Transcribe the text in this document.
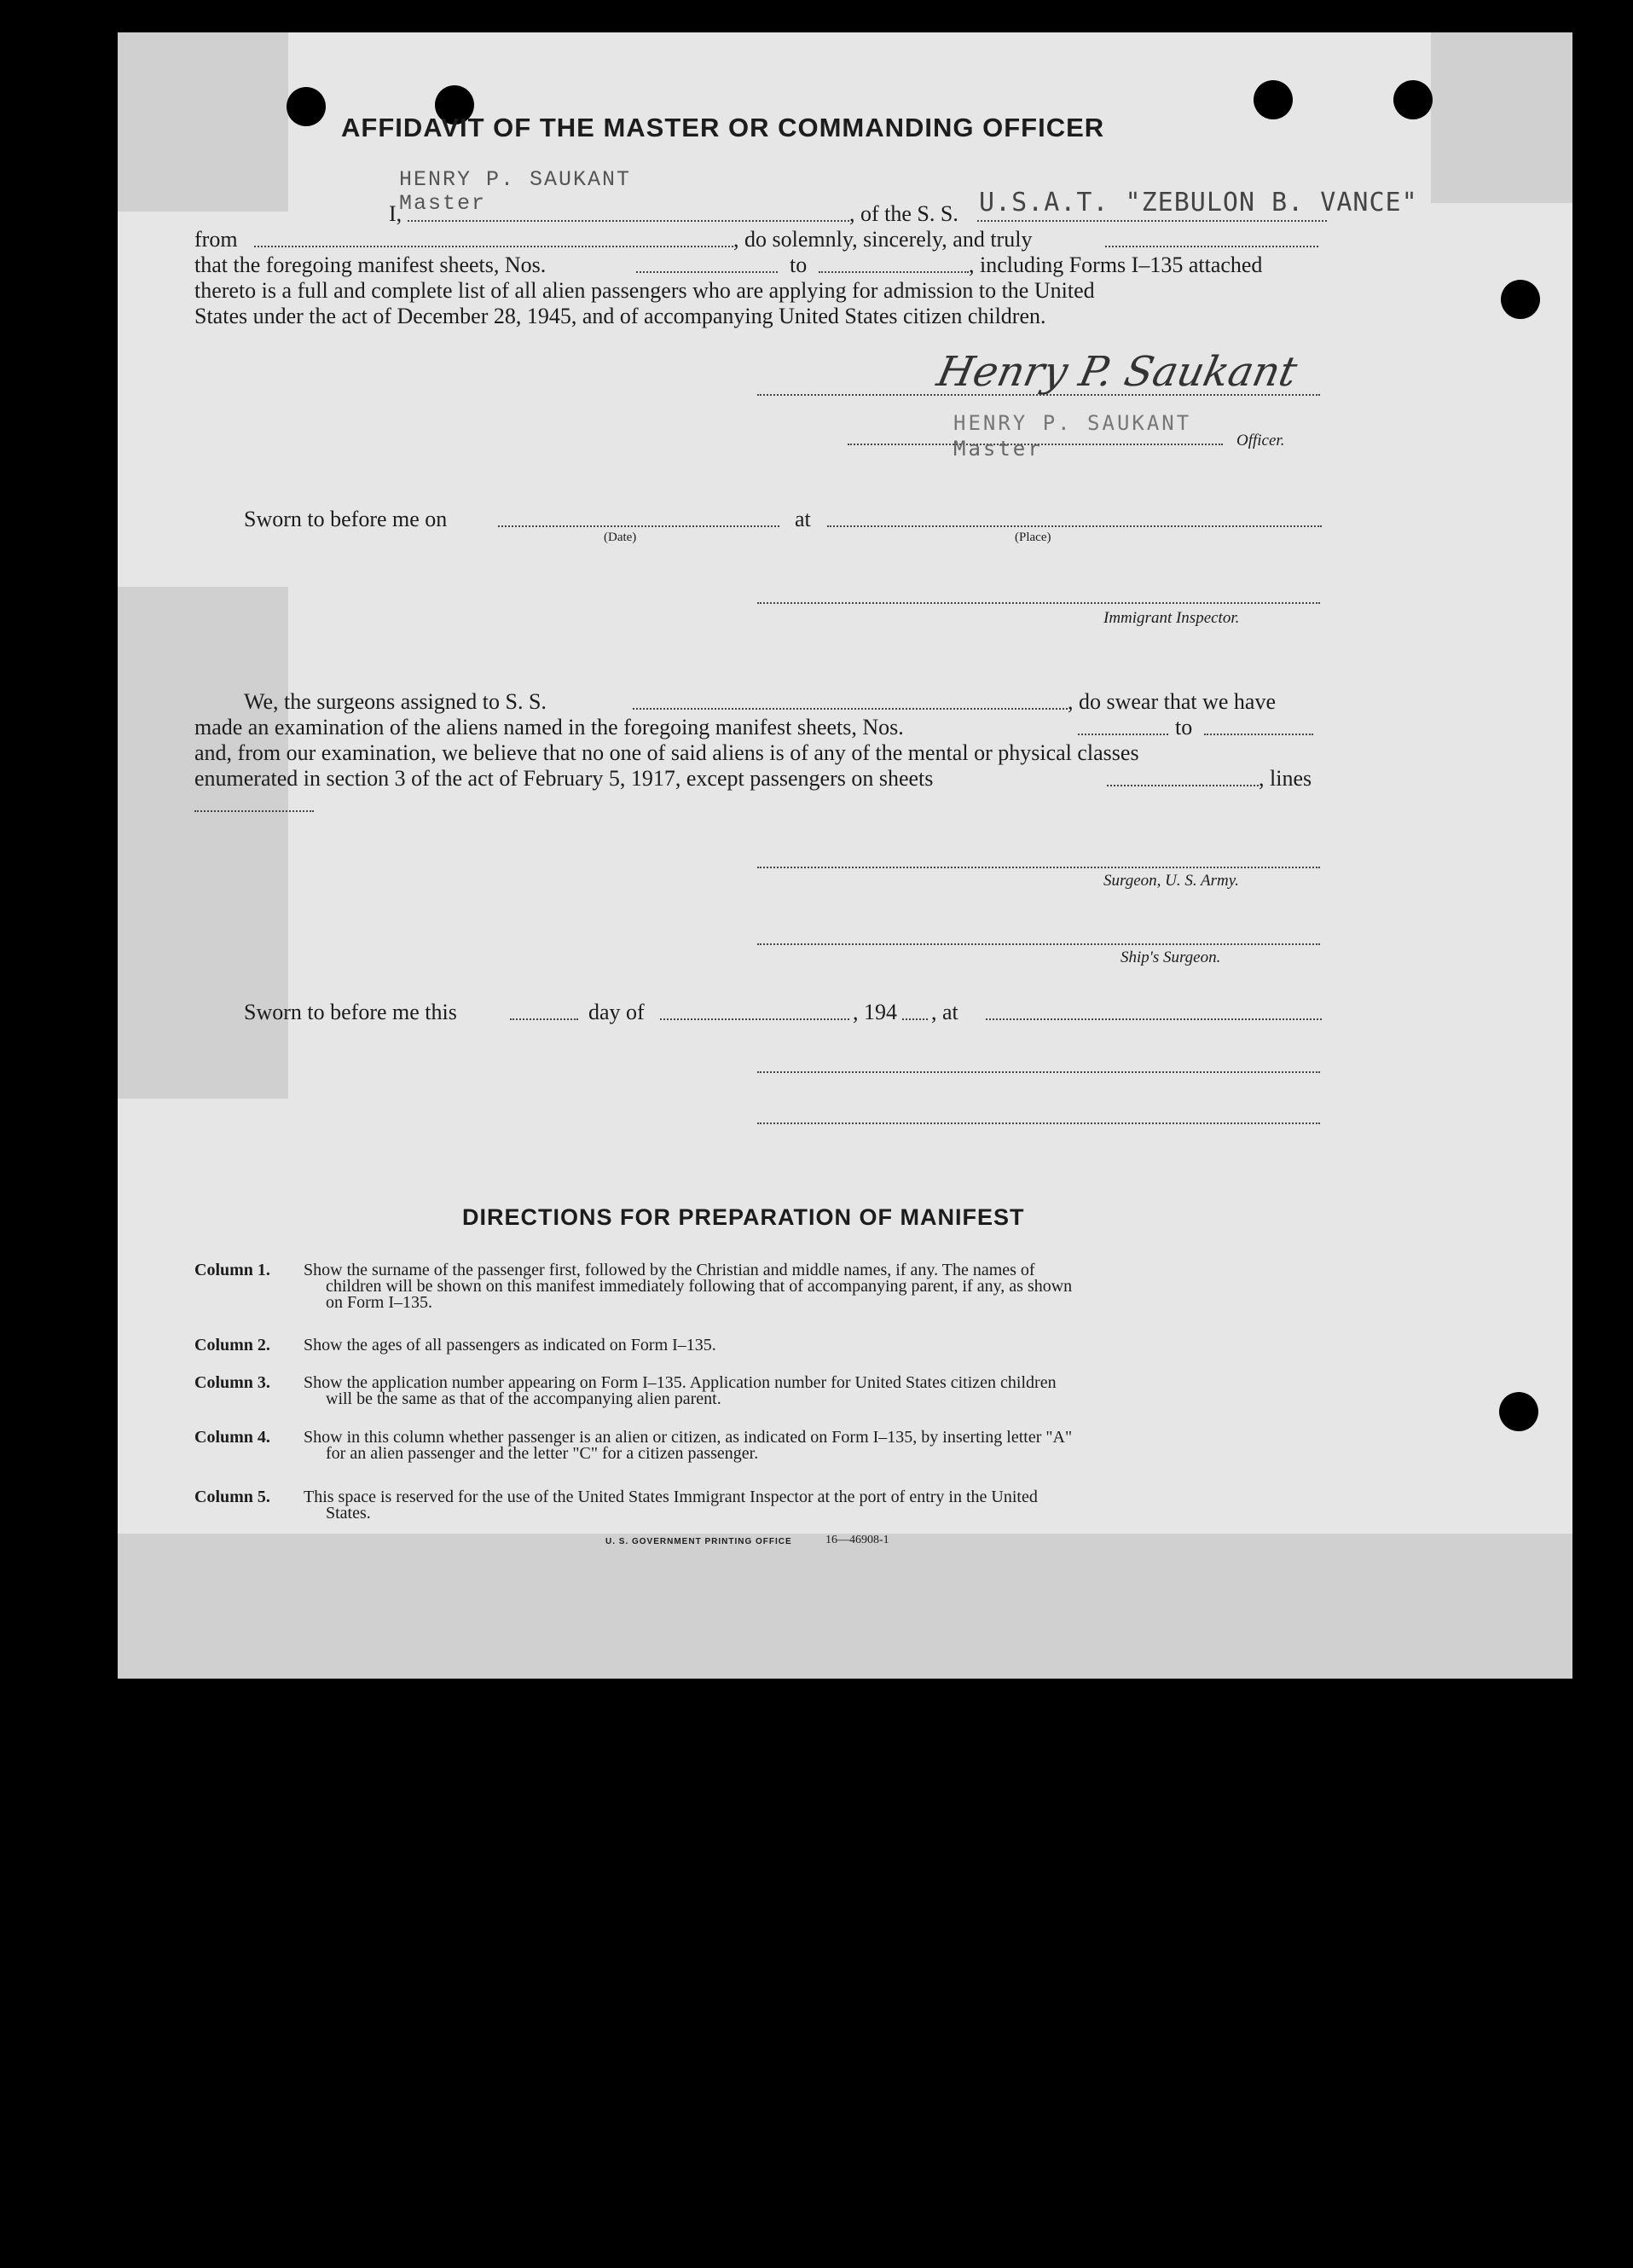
AFFIDAVIT OF THE MASTER OR COMMANDING OFFICER
I,
HENRY P. SAUKANT
Master	, of the S. S. U.S.A.T. "ZEBULON B. VANCE"
from	, do solemnly, sincerely, and truly
that the foregoing manifest sheets, Nos.	to	, including Forms I–135 attached
thereto is a full and complete list of all alien passengers who are applying for admission to the United
States under the act of December 28, 1945, and of accompanying United States citizen children.
Henry P. Saukant
HENRY P. SAUKANT
Master	Officer.
Sworn to before me on	at
(Date)	(Place)
Immigrant Inspector.
We, the surgeons assigned to S. S.	, do swear that we have
made an examination of the aliens named in the foregoing manifest sheets, Nos.	to
and, from our examination, we believe that no one of said aliens is of any of the mental or physical classes
enumerated in section 3 of the act of February 5, 1917, except passengers on sheets	, lines
Surgeon, U. S. Army.
Ship's Surgeon.
Sworn to before me this	day of	, 194 , at
DIRECTIONS FOR PREPARATION OF MANIFEST
Column 1. Show the surname of the passenger first, followed by the Christian and middle names, if any. The names of
children will be shown on this manifest immediately following that of accompanying parent, if any, as shown
on Form I–135.
Column 2. Show the ages of all passengers as indicated on Form I–135.
Column 3. Show the application number appearing on Form I–135. Application number for United States citizen children
will be the same as that of the accompanying alien parent.
Column 4. Show in this column whether passenger is an alien or citizen, as indicated on Form I–135, by inserting letter "A"
for an alien passenger and the letter "C" for a citizen passenger.
Column 5. This space is reserved for the use of the United States Immigrant Inspector at the port of entry in the United
States.
U. S. GOVERNMENT PRINTING OFFICE	16—46908-1
